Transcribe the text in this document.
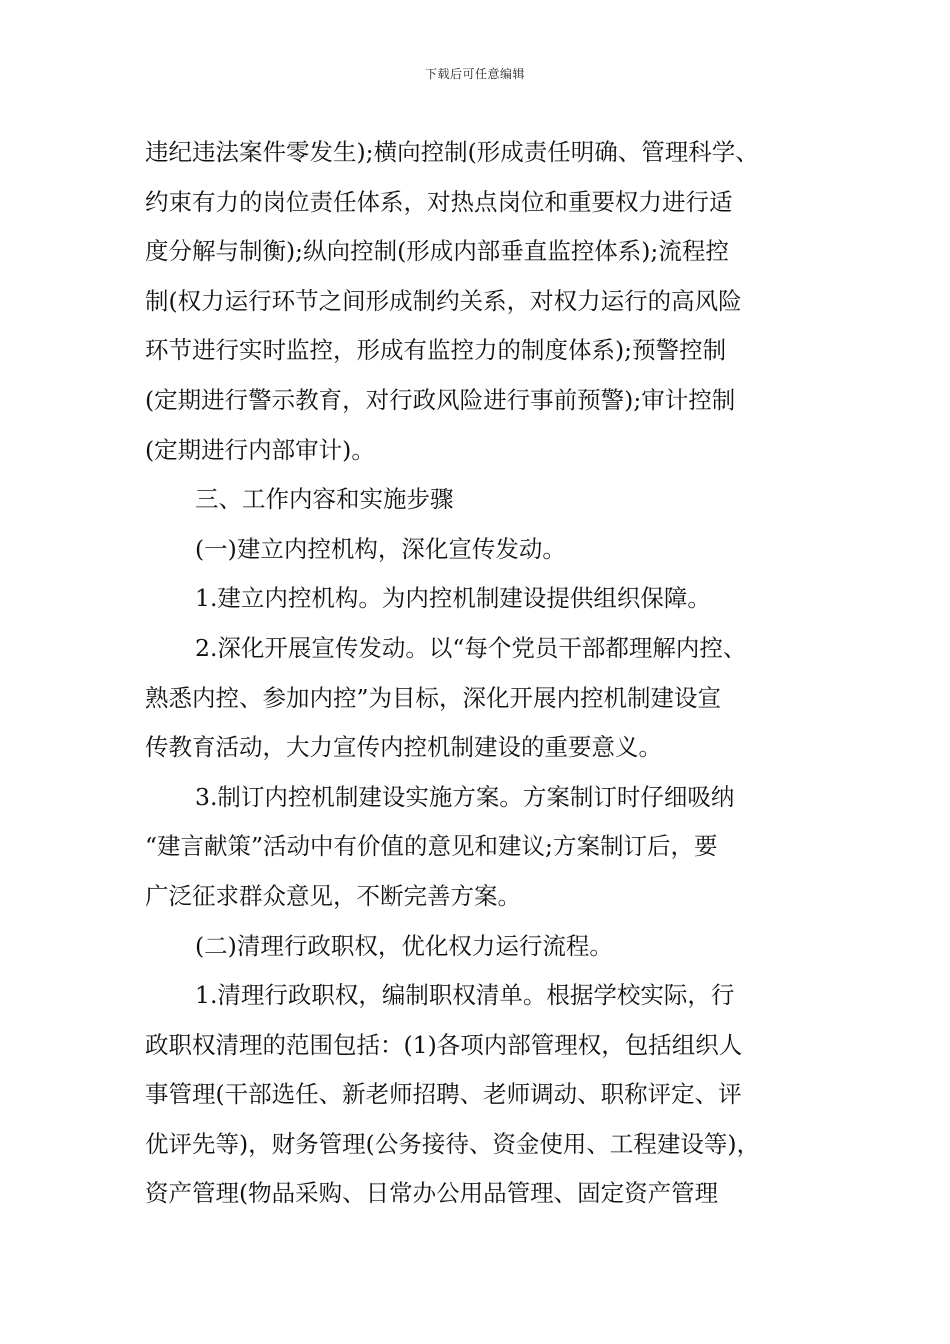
下载后可任意编辑
违纪违法案件零发生);横向控制(形成责任明确、管理科学、
约束有力的岗位责任体系，对热点岗位和重要权力进行适
度分解与制衡);纵向控制(形成内部垂直监控体系);流程控
制(权力运行环节之间形成制约关系，对权力运行的高风险
环节进行实时监控，形成有监控力的制度体系);预警控制
(定期进行警示教育，对行政风险进行事前预警);审计控制
(定期进行内部审计)。
三、工作内容和实施步骤
(一)建立内控机构，深化宣传发动。
1.建立内控机构。为内控机制建设提供组织保障。
2.深化开展宣传发动。以“每个党员干部都理解内控、
熟悉内控、参加内控”为目标，深化开展内控机制建设宣
传教育活动，大力宣传内控机制建设的重要意义。
3.制订内控机制建设实施方案。方案制订时仔细吸纳
“建言献策”活动中有价值的意见和建议;方案制订后，要
广泛征求群众意见，不断完善方案。
(二)清理行政职权，优化权力运行流程。
1.清理行政职权，编制职权清单。根据学校实际，行
政职权清理的范围包括：(1)各项内部管理权，包括组织人
事管理(干部选任、新老师招聘、老师调动、职称评定、评
优评先等)，财务管理(公务接待、资金使用、工程建设等)，
资产管理(物品采购、日常办公用品管理、固定资产管理
